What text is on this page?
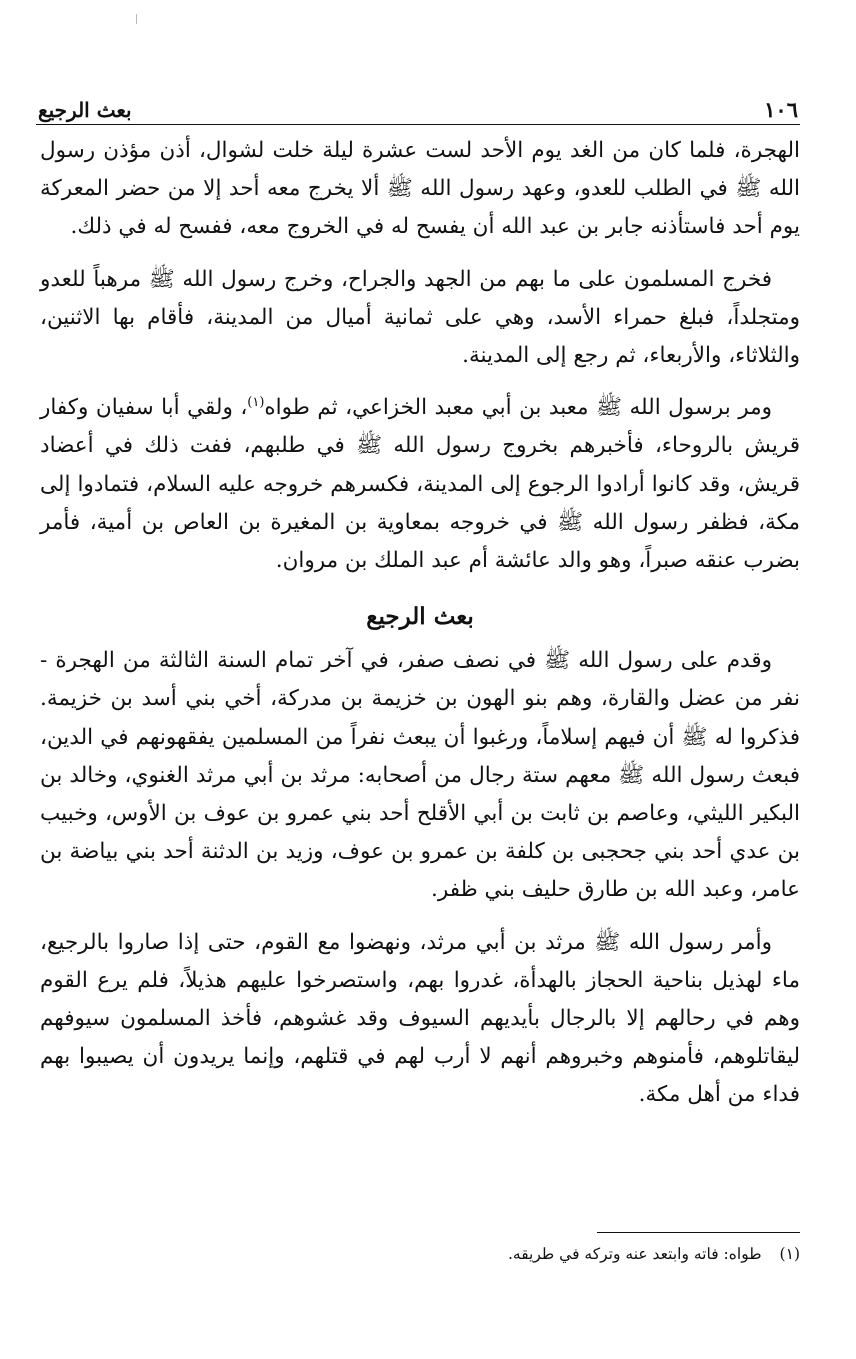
بعث الرجيع	١٠٦

الهجرة، فلما كان من الغد يوم الأحد لست عشرة ليلة خلت لشوال، أذن مؤذن رسول الله ﷺ في الطلب للعدو، وعهد رسول الله ﷺ ألا يخرج معه أحد إلا من حضر المعركة يوم أحد فاستأذنه جابر بن عبد الله أن يفسح له في الخروج معه، ففسح له في ذلك.

فخرج المسلمون على ما بهم من الجهد والجراح، وخرج رسول الله ﷺ مرهباً للعدو ومتجلداً، فبلغ حمراء الأسد، وهي على ثمانية أميال من المدينة، فأقام بها الاثنين، والثلاثاء، والأربعاء، ثم رجع إلى المدينة.

ومر برسول الله ﷺ معبد بن أبي معبد الخزاعي، ثم طواه$^{(١)}$، ولقي أبا سفيان وكفار قريش بالروحاء، فأخبرهم بخروج رسول الله ﷺ في طلبهم، ففت ذلك في أعضاد قريش، وقد كانوا أرادوا الرجوع إلى المدينة، فكسرهم خروجه عليه السلام، فتمادوا إلى مكة، فظفر رسول الله ﷺ في خروجه بمعاوية بن المغيرة بن العاص بن أمية، فأمر بضرب عنقه صبراً، وهو والد عائشة أم عبد الملك بن مروان.

بعث الرجيع

وقدم على رسول الله ﷺ في نصف صفر، في آخر تمام السنة الثالثة من الهجرة - نفر من عضل والقارة، وهم بنو الهون بن خزيمة بن مدركة، أخي بني أسد بن خزيمة. فذكروا له ﷺ أن فيهم إسلاماً، ورغبوا أن يبعث نفراً من المسلمين يفقهونهم في الدين، فبعث رسول الله ﷺ معهم ستة رجال من أصحابه: مرثد بن أبي مرثد الغنوي، وخالد بن البكير الليثي، وعاصم بن ثابت بن أبي الأقلح أحد بني عمرو بن عوف بن الأوس، وخبيب بن عدي أحد بني جحجبى بن كلفة بن عمرو بن عوف، وزيد بن الدثنة أحد بني بياضة بن عامر، وعبد الله بن طارق حليف بني ظفر.

وأمر رسول الله ﷺ مرثد بن أبي مرثد، ونهضوا مع القوم، حتى إذا صاروا بالرجيع، ماء لهذيل بناحية الحجاز بالهدأة، غدروا بهم، واستصرخوا عليهم هذيلاً، فلم يرع القوم وهم في رحالهم إلا بالرجال بأيديهم السيوف وقد غشوهم، فأخذ المسلمون سيوفهم ليقاتلوهم، فأمنوهم وخبروهم أنهم لا أرب لهم في قتلهم، وإنما يريدون أن يصيبوا بهم فداء من أهل مكة.

(١)طواه: فاته وابتعد عنه وتركه في طريقه.
